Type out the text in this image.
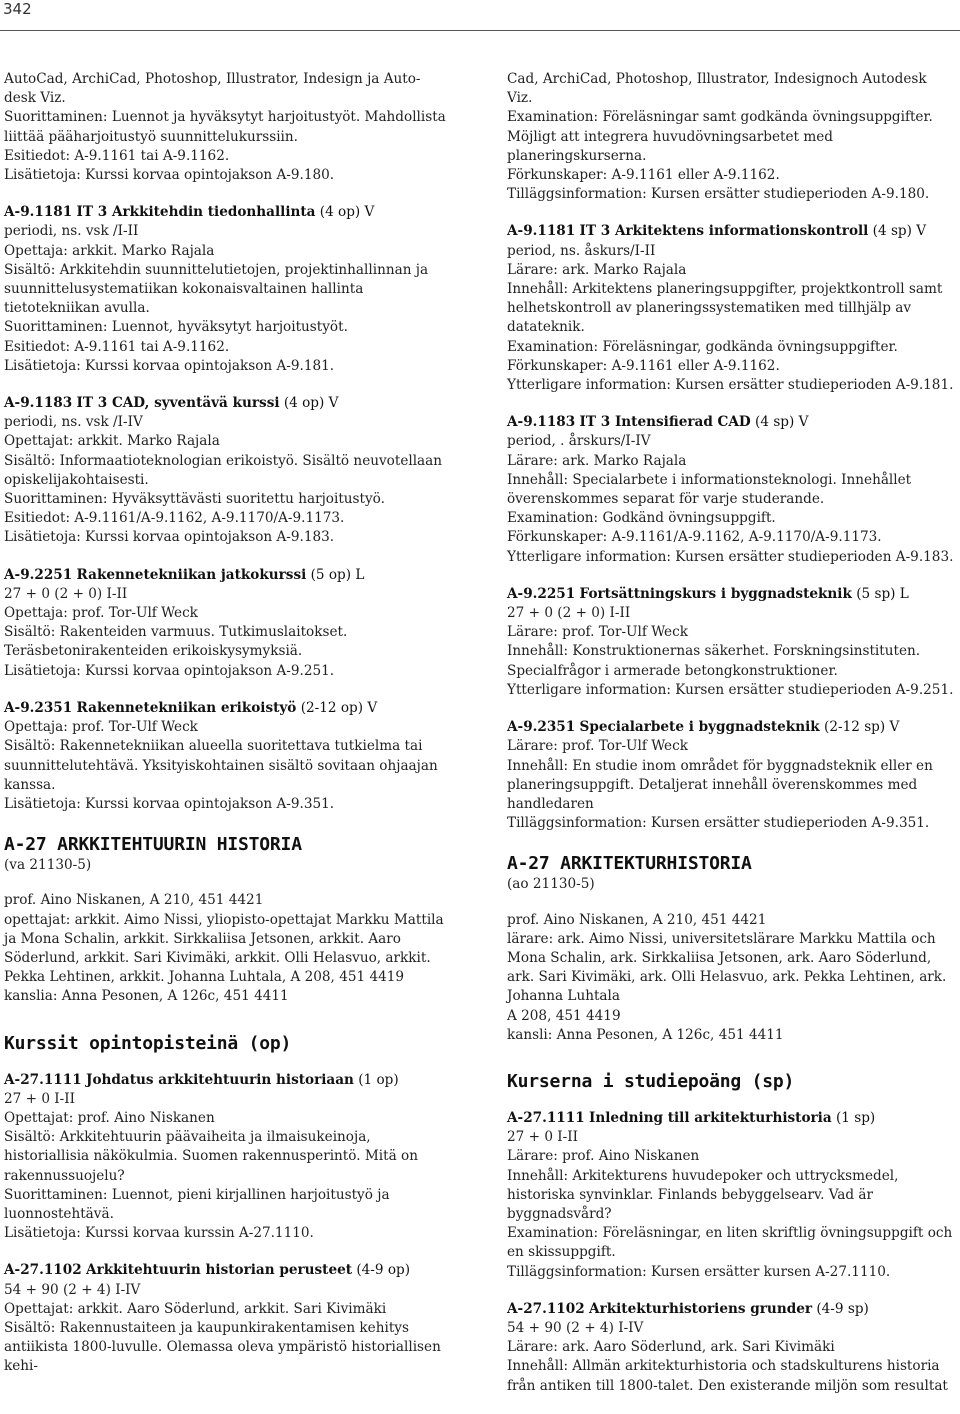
342

AutoCad, ArchiCad, Photoshop, Illustrator, Indesign ja Auto-

desk Viz.

Suorittaminen: Luennot ja hyväksytyt harjoitustyöt. Mahdollista

liittää pääharjoitustyö suunnittelukurssiin.

Esitiedot: A-9.1161 tai A-9.1162.

Lisätietoja: Kurssi korvaa opintojakson A-9.180.

A-9.1181 IT 3 Arkkitehdin tiedonhallinta (4 op) V

periodi, ns. vsk /I-II

Opettaja: arkkit. Marko Rajala

Sisältö: Arkkitehdin suunnittelutietojen, projektinhallinnan ja

suunnittelusystematiikan kokonaisvaltainen hallinta tietotekniikan avulla.

Suorittaminen: Luennot, hyväksytyt harjoitustyöt.

Esitiedot: A-9.1161 tai A-9.1162.

Lisätietoja: Kurssi korvaa opintojakson A-9.181.

A-9.1183 IT 3 CAD, syventävä kurssi (4 op) V

periodi, ns. vsk /I-IV

Opettajat: arkkit. Marko Rajala

Sisältö: Informaatioteknologian erikoistyö. Sisältö neuvotellaan opiskelijakohtaisesti.

Suorittaminen: Hyväksyttävästi suoritettu harjoitustyö.

Esitiedot: A-9.1161/A-9.1162, A-9.1170/A-9.1173.

Lisätietoja: Kurssi korvaa opintojakson A-9.183.

A-9.2251 Rakennetekniikan jatkokurssi (5 op) L

27 + 0 (2 + 0) I-II

Opettaja: prof. Tor-Ulf Weck

Sisältö: Rakenteiden varmuus. Tutkimuslaitokset. Teräsbetonirakenteiden erikoiskysymyksiä.

Lisätietoja: Kurssi korvaa opintojakson A-9.251.

A-9.2351 Rakennetekniikan erikoistyö (2-12 op) V

Opettaja: prof. Tor-Ulf Weck

Sisältö: Rakennetekniikan alueella suoritettava tutkielma tai suunnittelutehtävä. Yksityiskohtainen sisältö sovitaan ohjaajan kanssa.

Lisätietoja: Kurssi korvaa opintojakson A-9.351.

A-27 ARKKITEHTUURIN HISTORIA
(va 21130-5)

prof. Aino Niskanen, A 210, 451 4421

opettajat: arkkit. Aimo Nissi, yliopisto-opettajat Markku Mattila ja Mona Schalin, arkkit. Sirkkaliisa Jetsonen, arkkit. Aaro Söderlund, arkkit. Sari Kivimäki, arkkit. Olli Helasvuo, arkkit. Pekka Lehtinen, arkkit. Johanna Luhtala, A 208, 451 4419

kanslia: Anna Pesonen, A 126c, 451 4411

Kurssit opintopisteinä (op)

A-27.1111 Johdatus arkkitehtuurin historiaan (1 op)

27 + 0 I-II

Opettajat: prof. Aino Niskanen

Sisältö: Arkkitehtuurin päävaiheita ja ilmaisukeinoja, historiallisia näkökulmia. Suomen rakennusperintö. Mitä on rakennussuojelu?

Suorittaminen: Luennot, pieni kirjallinen harjoitustyö ja luonnostehtävä.

Lisätietoja: Kurssi korvaa kurssin A-27.1110.

A-27.1102 Arkkitehtuurin historian perusteet (4-9 op)

54 + 90 (2 + 4) I-IV

Opettajat: arkkit. Aaro Söderlund, arkkit. Sari Kivimäki

Sisältö: Rakennustaiteen ja kaupunkirakentamisen kehitys antiikista 1800-luvulle. Olemassa oleva ympäristö historiallisen kehi-

Cad, ArchiCad, Photoshop, Illustrator, Indesignoch Autodesk Viz.

Examination: Föreläsningar samt godkända övningsuppgifter.

Möjligt att integrera huvudövningsarbetet med planeringskurserna.

Förkunskaper: A-9.1161 eller A-9.1162.

Tilläggsinformation: Kursen ersätter studieperioden A-9.180.

A-9.1181 IT 3 Arkitektens informationskontroll (4 sp) V

period, ns. åskurs/I-II

Lärare: ark. Marko Rajala

Innehåll: Arkitektens planeringsuppgifter, projektkontroll samt helhetskontroll av planeringssystematiken med tillhjälp av datateknik.

Examination: Föreläsningar, godkända övningsuppgifter.

Förkunskaper: A-9.1161 eller A-9.1162.

Ytterligare information: Kursen ersätter studieperioden A-9.181.

A-9.1183 IT 3 Intensifierad CAD (4 sp) V

period, . årskurs/I-IV

Lärare: ark. Marko Rajala

Innehåll: Specialarbete i informationsteknologi. Innehållet överenskommes separat för varje studerande.

Examination: Godkänd övningsuppgift.

Förkunskaper: A-9.1161/A-9.1162, A-9.1170/A-9.1173.

Ytterligare information: Kursen ersätter studieperioden A-9.183.

A-9.2251 Fortsättningskurs i byggnadsteknik (5 sp) L

27 + 0 (2 + 0) I-II

Lärare: prof. Tor-Ulf Weck

Innehåll: Konstruktionernas säkerhet. Forskningsinstituten. Specialfrågor i armerade betongkonstruktioner.

Ytterligare information: Kursen ersätter studieperioden A-9.251.

A-9.2351 Specialarbete i byggnadsteknik (2-12 sp) V

Lärare: prof. Tor-Ulf Weck

Innehåll: En studie inom området för byggnadsteknik eller en planeringsuppgift. Detaljerat innehåll överenskommes med handledaren

Tilläggsinformation: Kursen ersätter studieperioden A-9.351.

A-27 ARKITEKTURHISTORIA
(ao 21130-5)

prof. Aino Niskanen, A 210, 451 4421

lärare: ark. Aimo Nissi, universitetslärare Markku Mattila och Mona Schalin, ark. Sirkkaliisa Jetsonen, ark. Aaro Söderlund, ark. Sari Kivimäki, ark. Olli Helasvuo, ark. Pekka Lehtinen, ark. Johanna Luhtala

A 208, 451 4419

kansli: Anna Pesonen, A 126c, 451 4411

Kurserna i studiepoäng (sp)

A-27.1111 Inledning till arkitekturhistoria (1 sp)

27 + 0 I-II

Lärare: prof. Aino Niskanen

Innehåll: Arkitekturens huvudepoker och uttrycksmedel, historiska synvinklar. Finlands bebyggelsearv. Vad är byggnadsvård?

Examination: Föreläsningar, en liten skriftlig övningsuppgift och en skissuppgift.

Tilläggsinformation: Kursen ersätter kursen A-27.1110.

A-27.1102 Arkitekturhistoriens grunder (4-9 sp)

54 + 90 (2 + 4) I-IV

Lärare: ark. Aaro Söderlund, ark. Sari Kivimäki

Innehåll: Allmän arkitekturhistoria och stadskulturens historia från antiken till 1800-talet. Den existerande miljön som resultat
